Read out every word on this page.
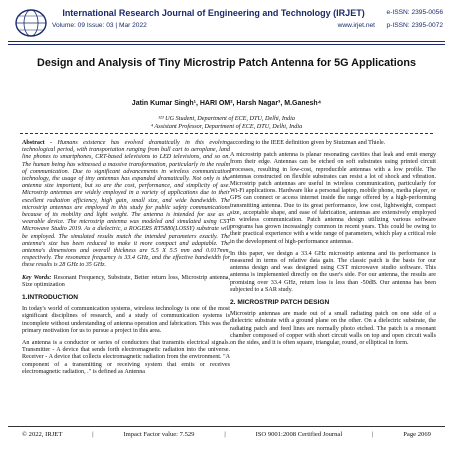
International Research Journal of Engineering and Technology (IRJET)
Volume: 09 Issue: 03 | Mar 2022	www.irjet.net
e-ISSN: 2395-0056
p-ISSN: 2395-0072
Design and Analysis of Tiny Microstrip Patch Antenna for 5G Applications
Jatin Kumar Singh¹, HARI OM², Harsh Nagar³, M.Ganesh⁴
¹²³ UG Student, Department of ECE, DTU, Delhi, India
⁴ Assistant Professor, Department of ECE, DTU, Delhi, India

Abstract - Humans existence has evolved dramatically in this evolving technological period, with transportation ranging from bull cart to aeroplane, land line phones to smartphones, CRT-based televisions to LED televisions, and so on. The human being has witnessed a massive transformation, particularly in the realm of communication. Due to significant advancements in wireless communication technology, the usage of tiny antennas has expanded dramatically. Not only is the antenna size important, but so are the cost, performance, and simplicity of use. Microstrip antennas are widely employed in a variety of applications due to their excellent radiation efficiency, high gain, small size, and wide bandwidth. The microstrip antennas are employed in this study for public safety communications because of its mobility and light weight. The antenna is intended for use as a wearable device. The microstrip antenna was modeled and simulated using CST Microwave Studio 2019. As a dielectric, a ROGERS RT5880(LOSSY) substrate will be employed. The simulated results match the intended parameters exactly. The antenna's size has been reduced to make it more compact and adaptable. The antenna's dimensions and overall thickness are 5.5 X 5.5 mm and 0.017mm, respectively. The resonance frequency is 33.4 GHz, and the effective bandwidth for these results is 28 GHz to 35 GHz.

Key Words: Resonant Frequency, Substrate, Better return loss, Microstrip antenna, Size optimization

1.INTRODUCTION

In today's world of communication systems, wireless technology is one of the most significant disciplines of research, and a study of communication systems is incomplete without understanding of antenna operation and fabrication. This was the primary motivation for us to pursue a project in this area.

An antenna is a conductor or series of conductors that transmits electrical signals. Transmitter - A device that sends forth electromagnetic radiation into the universe. Receiver - A device that collects electromagnetic radiation from the environment. "A component of a transmitting or receiving system that emits or receives electromagnetic radiation, ." is defined as Antenna

according to the IEEE definition given by Stutzman and Thiele.

A microstrip patch antenna is planar resonating cavities that leak and emit energy from their edge. Antennas can be etched on soft substrates using printed circuit processes, resulting in low-cost, reproducible antennas with a low profile. The antennas constructed on flexible substrates can resist a lot of shock and vibration. Microstrip patch antennas are useful in wireless communication, particularly for Wi-Fi applications. Hardware like a personal laptop, mobile phone, media player, or GPS can connect or access internet inside the range offered by a high-performing transmitting antenna. Due to its great performance, low cost, lightweight, compact size, acceptable shape, and ease of fabrication, antennas are extensively employed in wireless communication. Patch antenna design utilizing various software programs has grown increasingly common in recent years. This could be owing to their practical experience with a wide range of parameters, which play a critical role in the development of high-performance antennas.

In this paper, we design a 33.4 GHz microstrip antenna and its performance is measured in terms of relative data gain. The classic patch is the basis for our antenna design and was designed using CST microwave studio software. This antenna is implemented directly on the user's side. For our antenna, the results are promising over 33.4 GHz, return loss is less than -50dB. Our antenna has been subjected to a SAR study.

2. MICROSTRIP PATCH DESIGN

Microstrip antennas are made out of a small radiating patch on one side of a dielectric substrate with a ground plane on the other. On a dielectric substrate, the radiating patch and feed lines are normally photo etched. The patch is a resonant chamber composed of copper with short circuit walls on top and open circuit walls on the sides, and it is often square, triangular, round, or elliptical in form.

© 2022, IRJET	|	Impact Factor value: 7.529	|	ISO 9001:2008 Certified Journal	|	Page 2069
